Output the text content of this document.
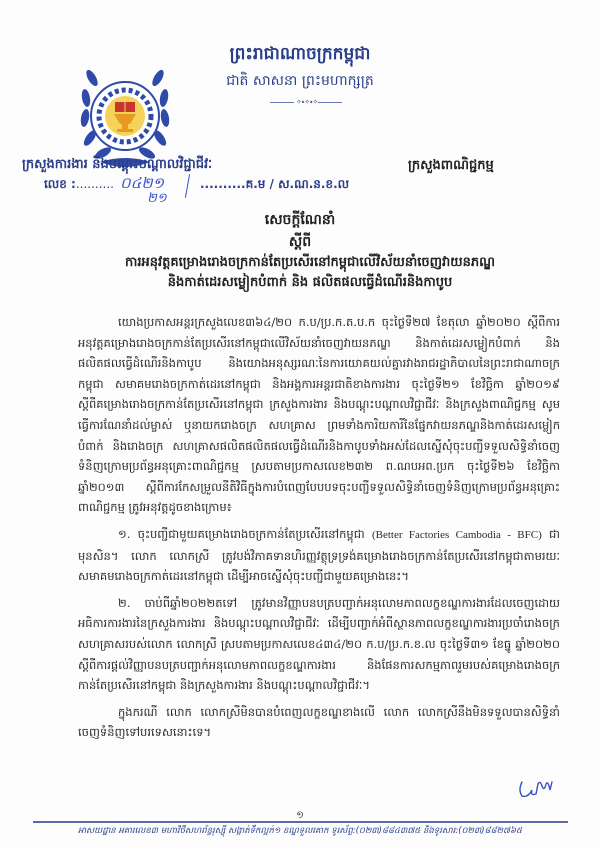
ព្រះរាជាណាចក្រកម្ពុជា
ជាតិ សាសនា ព្រះមហាក្សត្រ
✧∙✧∙✧
ក្រសួងការងារ និងបណ្តុះបណ្តាលវិជ្ជាជីវៈ
លេខ :.......... ០៤២១
២១
..........គ.ម / ស.ណ.ន.ខ.ល
ក្រសួងពាណិជ្ជកម្ម
សេចក្តីណែនាំ
ស្តីពី
ការអនុវត្តគម្រោងរោងចក្រកាន់តែប្រសើរនៅកម្ពុជាលើវិស័យនាំចេញវាយនភណ្ឌ
និងកាត់ដេរសម្លៀកបំពាក់ និង ផលិតផលធ្វើដំណើរនិងកាបូប

យោងប្រកាសអន្តរក្រសួងលេខ៣៦៤/២០ ក.ប/ប្រ.ក.ត.ប.ក ចុះថ្ងៃទី២៧ ខែតុលា ឆ្នាំ២០២០ ស្តីពីការអនុវត្តគម្រោងរោងចក្រកាន់តែប្រសើរនៅកម្ពុជាលើវិស័យនាំចេញវាយនភណ្ឌ និងកាត់ដេរសម្លៀកបំពាក់ និងផលិតផលធ្វើដំណើរនិងកាបូប និងយោងអនុស្សរណៈនៃការយោគយល់គ្នារវាងរាជរដ្ឋាភិបាលនៃព្រះរាជាណាចក្រកម្ពុជា សមាគមរោងចក្រកាត់ដេរនៅកម្ពុជា និងអង្គការអន្តរជាតិខាងការងារ ចុះថ្ងៃទី២១ ខែវិច្ឆិកា ឆ្នាំ២០១៩ ស្តីពីគម្រោងរោងចក្រកាន់តែប្រសើរនៅកម្ពុជា ក្រសួងការងារ និងបណ្តុះបណ្តាលវិជ្ជាជីវៈ និងក្រសួងពាណិជ្ជកម្ម សូមធ្វើការណែនាំដល់ម្ចាស់ ឬនាយករោងចក្រ សហគ្រាស ព្រមទាំងការិយការីនៃផ្នែកវាយនភណ្ឌនិងកាត់ដេរសម្លៀកបំពាក់ និងរោងចក្រ សហគ្រាសផលិតផលិតផលធ្វើដំណើរនិងកាបូបទាំងអស់ដែលស្នើសុំចុះបញ្ជីទទួលសិទ្ធិនាំចេញទំនិញក្រោមប្រព័ន្ធអនុគ្រោះពាណិជ្ជកម្ម ស្របតាមប្រកាសលេខ២៣២ ព.ណបអព.ប្រក ចុះថ្ងៃទី២៦ ខែវិច្ឆិកា ឆ្នាំ២០១៣ ស្តីពីការកែសម្រួលនីតិវិធីក្នុងការបំពេញបែបបទចុះបញ្ជីទទួលសិទ្ធិនាំចេញទំនិញក្រោមប្រព័ន្ធអនុគ្រោះពាណិជ្ជកម្ម ត្រូវអនុវត្តដូចខាងក្រោម៖

១. ចុះបញ្ជីជាមួយគម្រោងរោងចក្រកាន់តែប្រសើរនៅកម្ពុជា (Better Factories Cambodia - BFC) ជាមុនសិន។ លោក លោកស្រី ត្រូវបង់វិភាគទានហិរញ្ញវត្ថុទ្រទ្រង់គម្រោងរោងចក្រកាន់តែប្រសើរនៅកម្ពុជាតាមរយៈសមាគមរោងចក្រកាត់ដេរនៅកម្ពុជា ដើម្បីអាចស្នើសុំចុះបញ្ជីជាមួយគម្រោងនេះ។

២. ចាប់ពីឆ្នាំ២០២២តទៅ ត្រូវមានវិញ្ញាបនបត្របញ្ជាក់អនុលោមភាពលក្ខខណ្ឌការងារដែលចេញដោយអធិការការងារនៃក្រសួងការងារ និងបណ្តុះបណ្តាលវិជ្ជាជីវៈ ដើម្បីបញ្ជាក់អំពីស្ថានភាពលក្ខខណ្ឌការងារប្រចាំរោងចក្រ សហគ្រាសរបស់លោក លោកស្រី ស្របតាមប្រកាសលេខ៤៣៤/២០ ក.ប/ប្រ.ក.ខ.ល ចុះថ្ងៃទី៣១ ខែធ្នូ ឆ្នាំ២០២០ ស្តីពីការផ្តល់វិញ្ញាបនបត្របញ្ជាក់អនុលោមភាពលក្ខខណ្ឌការងារ និងផែនការសកម្មភាពរួមរបស់គម្រោងរោងចក្រកាន់តែប្រសើរនៅកម្ពុជា និងក្រសួងការងារ និងបណ្តុះបណ្តាលវិជ្ជាជីវៈ។

ក្នុងករណី លោក លោកស្រីមិនបានបំពេញលក្ខខណ្ឌខាងលើ លោក លោកស្រីនឹងមិនទទួលបានសិទ្ធិនាំចេញទំនិញទៅបរទេសនោះទេ។

១
អាសយដ្ឋាន អគារលេខ៣ មហាវិថីសហព័ន្ធរុស្ស៊ី សង្កាត់ទឹកល្អក់១ ខណ្ឌទួលគោក ទូរស័ព្ទ:(០២៣)៨៨៤៣៧៥ និងទូរសារ:(០២៣)៨៨២៧៦៥
